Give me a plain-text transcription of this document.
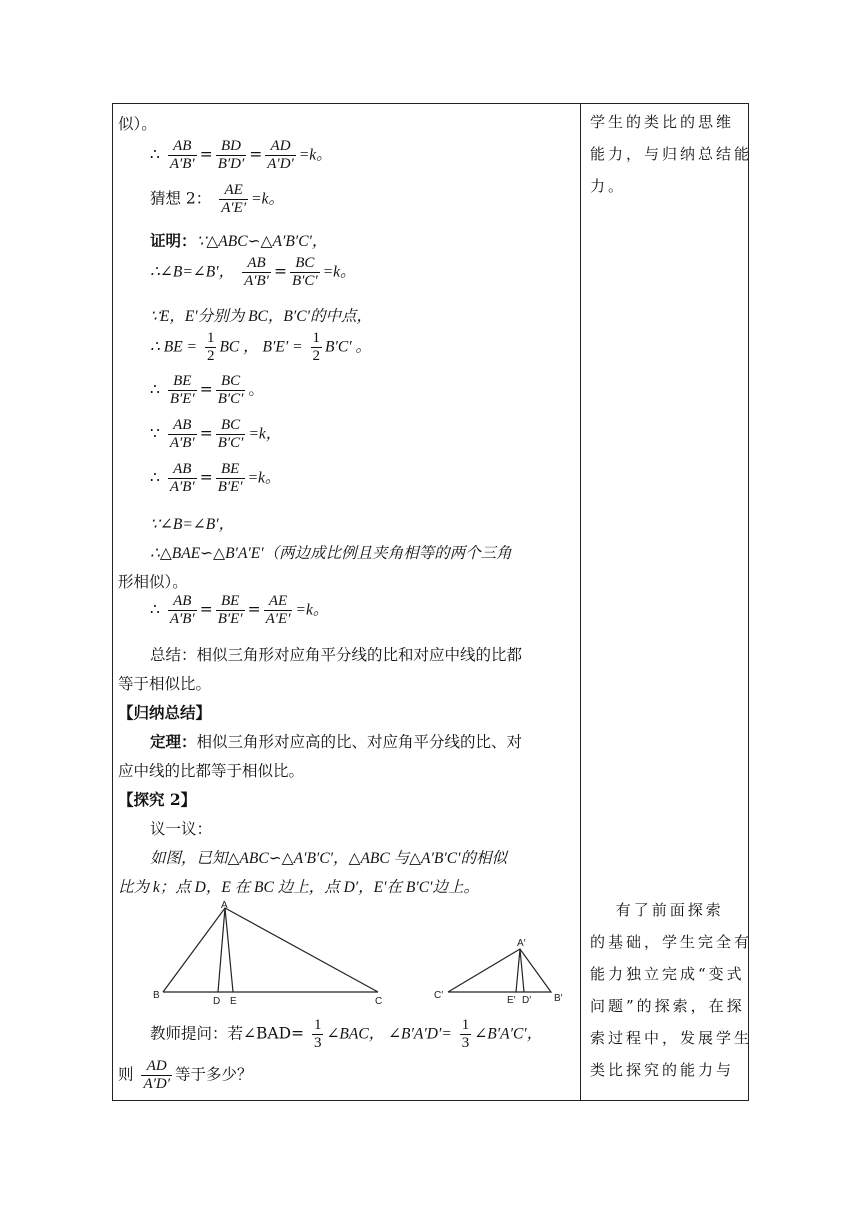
似）。
∴ $\frac{AB}{A'B'} = \frac{BD}{B'D'} = \frac{AD}{A'D'} =k$。
猜想 2： $\frac{AE}{A'E'} =k$。
证明：∵△ABC∽△A′B′C′，
∴∠B=∠B′， $\frac{AB}{A'B'} = \frac{BC}{B'C'} =k$。
∵E，E′分别为 BC，B′C′的中点，
∴ BE = $\frac{1}{2}$ BC ， $B'E' = \frac{1}{2} B'C'$ 。
∴ $\frac{BE}{B'E'} = \frac{BC}{B'C'}$ 。
∵ $\frac{AB}{A'B'} = \frac{BC}{B'C'} =k$，
∴ $\frac{AB}{A'B'} = \frac{BE}{B'E'} =k$。
∵∠B=∠B′，
∴△BAE∽△B′A′E′（两边成比例且夹角相等的两个三角
形相似）。
∴ $\frac{AB}{A'B'} = \frac{BE}{B'E'} = \frac{AE}{A'E'} =k$。
总结：相似三角形对应角平分线的比和对应中线的比都
等于相似比。
【归纳总结】
定理：相似三角形对应高的比、对应角平分线的比、对
应中线的比都等于相似比。
【探究 2】
议一议：
如图，已知△ABC∽△A′B′C′，△ABC 与△A′B′C′的相似
比为 k；点 D，E 在 BC 边上，点 D′，E′在 B′C′边上。
A
B
C
D E
A′
B′
C′	D′
E′
教师提问：若∠BAD= $\frac{1}{3}$ ∠BAC， ∠B′A′D′= $\frac{1}{3}$ ∠B′A′C′，
则 $\frac{AD}{A'D'}$ 等于多少？
学生的类比的思维
能力，与归纳总结能
力。
　 有了前面探索
的基础，学生完全有
能力独立完成“变式
问题”的探索，在探
索过程中，发展学生
类比探究的能力与
